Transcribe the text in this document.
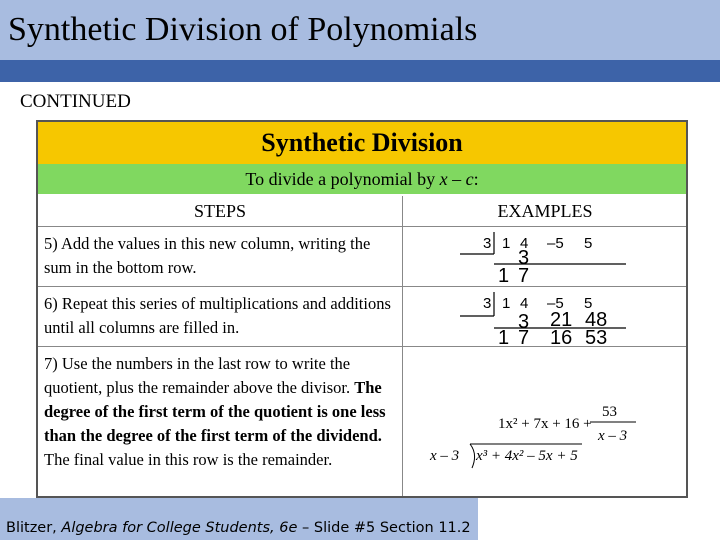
Synthetic Division of Polynomials
CONTINUED
Synthetic Division
To divide a polynomial by x – c:
STEPS	EXAMPLES
5) Add the values in this new column, writing the sum in the bottom row.
3 1 4 –5 5
3
1 7
6) Repeat this series of multiplications and additions until all columns are filled in.
3 1 4 –5 5
3 21 48
1 7 16 53
7) Use the numbers in the last row to write the quotient, plus the remainder above the divisor. The degree of the first term of the quotient is one less than the degree of the first term of the dividend. The final value in this row is the remainder.
1x² + 7x + 16 +
53
x – 3
x – 3 x³ + 4x² – 5x + 5
Blitzer, Algebra for College Students, 6e – Slide #5 Section 11.2
